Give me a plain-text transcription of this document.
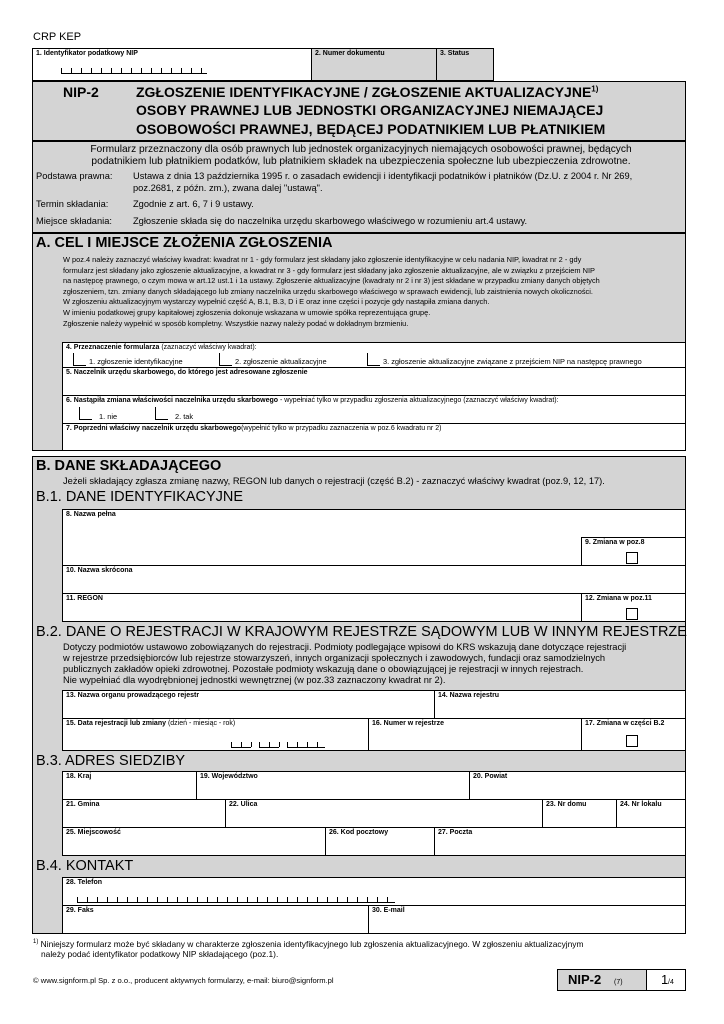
CRP KEP
1. Identyfikator podatkowy NIP	2. Numer dokumentu	3. Status
NIP-2	ZGŁOSZENIE IDENTYFIKACYJNE / ZGŁOSZENIE AKTUALIZACYJNE$^{1)}$
OSOBY PRAWNEJ LUB JEDNOSTKI ORGANIZACYJNEJ NIEMAJĄCEJ
OSOBOWOŚCI PRAWNEJ, BĘDĄCEJ PODATNIKIEM LUB PŁATNIKIEM
Formularz przeznaczony dla osób prawnych lub jednostek organizacyjnych niemających osobowości prawnej, będących
podatnikiem lub płatnikiem podatków, lub płatnikiem składek na ubezpieczenia społeczne lub ubezpieczenia zdrowotne.
Podstawa prawna: Ustawa z dnia 13 października 1995 r. o zasadach ewidencji i identyfikacji podatników i płatników (Dz.U. z 2004 r. Nr 269,
poz.2681, z późn. zm.), zwana dalej "ustawą".
Termin składania:	Zgodnie z art. 6, 7 i 9 ustawy.
Miejsce składania: Zgłoszenie składa się do naczelnika urzędu skarbowego właściwego w rozumieniu art.4 ustawy.
A. CEL I MIEJSCE ZŁOŻENIA ZGŁOSZENIA
W poz.4 należy zaznaczyć właściwy kwadrat: kwadrat nr 1 - gdy formularz jest składany jako zgłoszenie identyfikacyjne w celu nadania NIP, kwadrat nr 2 - gdy
formularz jest składany jako zgłoszenie aktualizacyjne, a kwadrat nr 3 - gdy formularz jest składany jako zgłoszenie aktualizacyjne, ale w związku z przejściem NIP
na następcę prawnego, o czym mowa w art.12 ust.1 i 1a ustawy. Zgłoszenie aktualizacyjne (kwadraty nr 2 i nr 3) jest składane w przypadku zmiany danych objętych
zgłoszeniem, tzn. zmiany danych składającego lub zmiany naczelnika urzędu skarbowego właściwego w sprawach ewidencji, lub zaistnienia nowych okoliczności.
W zgłoszeniu aktualizacyjnym wystarczy wypełnić część A, B.1, B.3, D i E oraz inne części i pozycje gdy nastąpiła zmiana danych.
W imieniu podatkowej grupy kapitałowej zgłoszenia dokonuje wskazana w umowie spółka reprezentująca grupę.
Zgłoszenie należy wypełnić w sposób kompletny. Wszystkie nazwy należy podać w dokładnym brzmieniu.
4. Przeznaczenie formularza (zaznaczyć właściwy kwadrat):
1. zgłoszenie identyfikacyjne	2. zgłoszenie aktualizacyjne	3. zgłoszenie aktualizacyjne związane z przejściem NIP na następcę prawnego
5. Naczelnik urzędu skarbowego, do którego jest adresowane zgłoszenie
6. Nastąpiła zmiana właściwości naczelnika urzędu skarbowego - wypełniać tylko w przypadku zgłoszenia aktualizacyjnego (zaznaczyć właściwy kwadrat):
1. nie	2. tak
7. Poprzedni właściwy naczelnik urzędu skarbowego(wypełnić tylko w przypadku zaznaczenia w poz.6 kwadratu nr 2)
B. DANE SKŁADAJĄCEGO
Jeżeli składający zgłasza zmianę nazwy, REGON lub danych o rejestracji (część B.2) - zaznaczyć właściwy kwadrat (poz.9, 12, 17).
B.1. DANE IDENTYFIKACYJNE
8. Nazwa pełna
9. Zmiana w poz.8
10. Nazwa skrócona
11. REGON	12. Zmiana w poz.11
B.2. DANE O REJESTRACJI W KRAJOWYM REJESTRZE SĄDOWYM LUB W INNYM REJESTRZE
Dotyczy podmiotów ustawowo zobowiązanych do rejestracji. Podmioty podlegające wpisowi do KRS wskazują dane dotyczące rejestracji
w rejestrze przedsiębiorców lub rejestrze stowarzyszeń, innych organizacji społecznych i zawodowych, fundacji oraz samodzielnych
publicznych zakładów opieki zdrowotnej. Pozostałe podmioty wskazują dane o obowiązującej je rejestracji w innych rejestrach.
Nie wypełniać dla wyodrębnionej jednostki wewnętrznej (w poz.33 zaznaczony kwadrat nr 2).
13. Nazwa organu prowadzącego rejestr	14. Nazwa rejestru
15. Data rejestracji lub zmiany (dzień - miesiąc - rok)	16. Numer w rejestrze	17. Zmiana w części B.2
B.3. ADRES SIEDZIBY
18. Kraj	19. Województwo	20. Powiat
21. Gmina	22. Ulica	23. Nr domu	24. Nr lokalu
25. Miejscowość	26. Kod pocztowy	27. Poczta
B.4. KONTAKT
28. Telefon
29. Faks	30. E-mail
$^{1)}$ Niniejszy formularz może być składany w charakterze zgłoszenia identyfikacyjnego lub zgłoszenia aktualizacyjnego. W zgłoszeniu aktualizacyjnym
należy podać identyfikator podatkowy NIP składającego (poz.1).
© www.signform.pl Sp. z o.o., producent aktywnych formularzy, e-mail: biuro@signform.pl	NIP-2 (7)	1 /4
